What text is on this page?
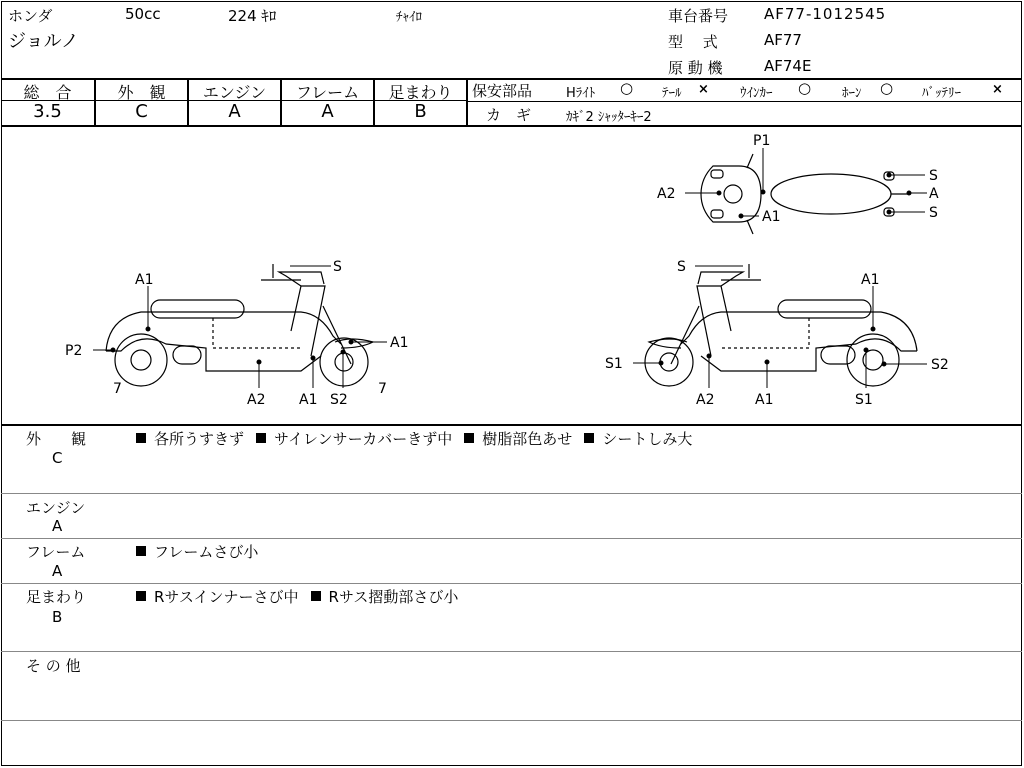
ホンダ	50cc	224 ｷﾛ	ﾁｬｲﾛ
ジョルノ
車台番号 AF77-1012545
型　 式	AF77
原 動 機	AF74E
総　合
3.5
外　観
C
エンジン
A
フレーム
A
足まわり
B
保安部品	Hﾗｲﾄ ○ ﾃｰﾙ × ｳｲﾝｶｰ ○ ﾎｰﾝ ○ ﾊﾞｯﾃﾘｰ ×
カ　ギ	ｶｷﾞ2 ｼｬｯﾀｰｷｰ2
S
A1
P2
7
A1
7
A2 A1 S2
S
A1
S1	S2
A2	A1	S1
P1
A2
A1
S
A
S
外　　観
C
各所うすきず サイレンサーカバーきず中 樹脂部色あせ シートしみ大
エンジン
A
フレーム
A
フレームさび小
足まわり
B
Rサスインナーさび中 Rサス摺動部さび小
そ の 他
